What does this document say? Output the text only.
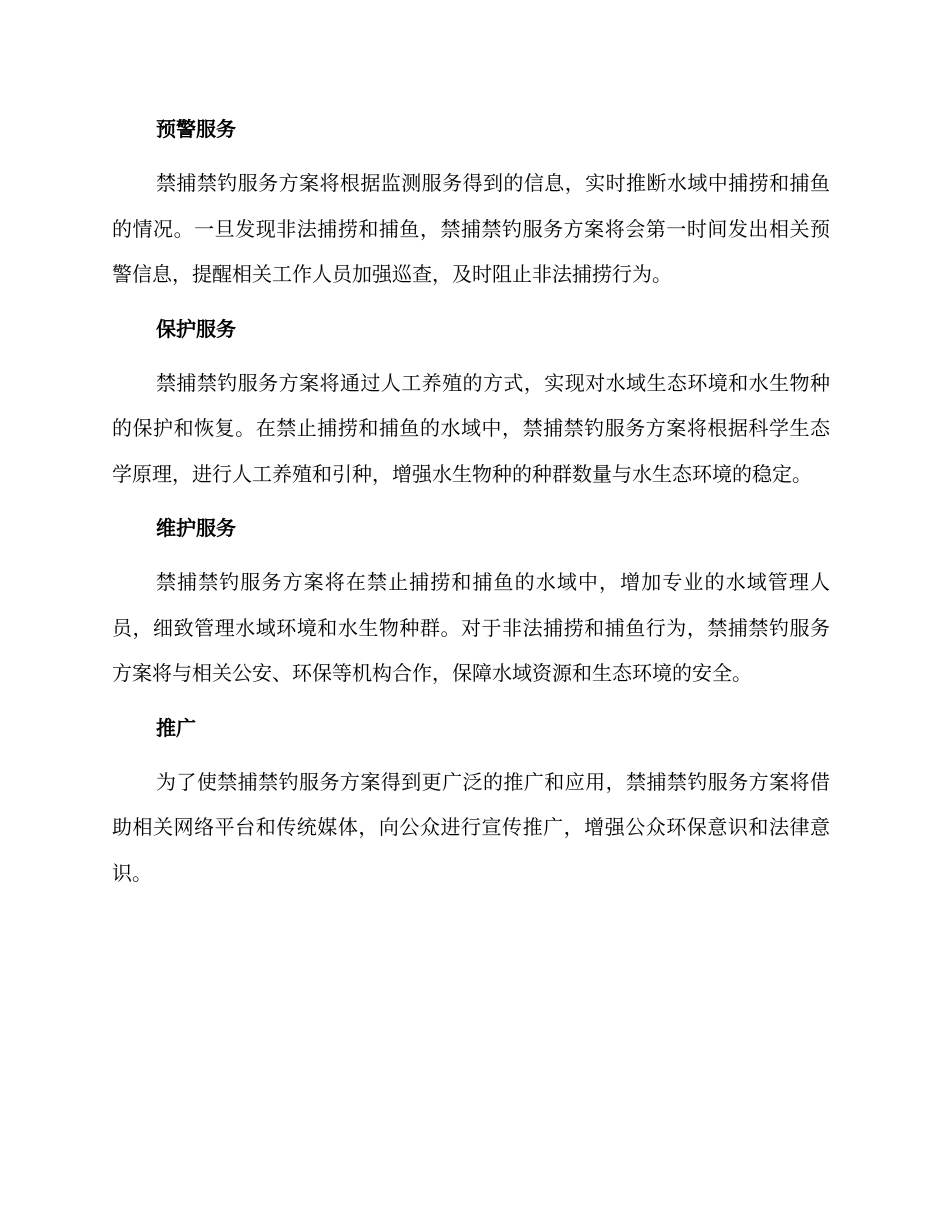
预警服务

禁捕禁钓服务方案将根据监测服务得到的信息，实时推断水域中捕捞和捕鱼的情况。一旦发现非法捕捞和捕鱼，禁捕禁钓服务方案将会第一时间发出相关预警信息，提醒相关工作人员加强巡查，及时阻止非法捕捞行为。

保护服务

禁捕禁钓服务方案将通过人工养殖的方式，实现对水域生态环境和水生物种的保护和恢复。在禁止捕捞和捕鱼的水域中，禁捕禁钓服务方案将根据科学生态学原理，进行人工养殖和引种，增强水生物种的种群数量与水生态环境的稳定。

维护服务

禁捕禁钓服务方案将在禁止捕捞和捕鱼的水域中，增加专业的水域管理人员，细致管理水域环境和水生物种群。对于非法捕捞和捕鱼行为，禁捕禁钓服务方案将与相关公安、环保等机构合作，保障水域资源和生态环境的安全。

推广

为了使禁捕禁钓服务方案得到更广泛的推广和应用，禁捕禁钓服务方案将借助相关网络平台和传统媒体，向公众进行宣传推广，增强公众环保意识和法律意识。
